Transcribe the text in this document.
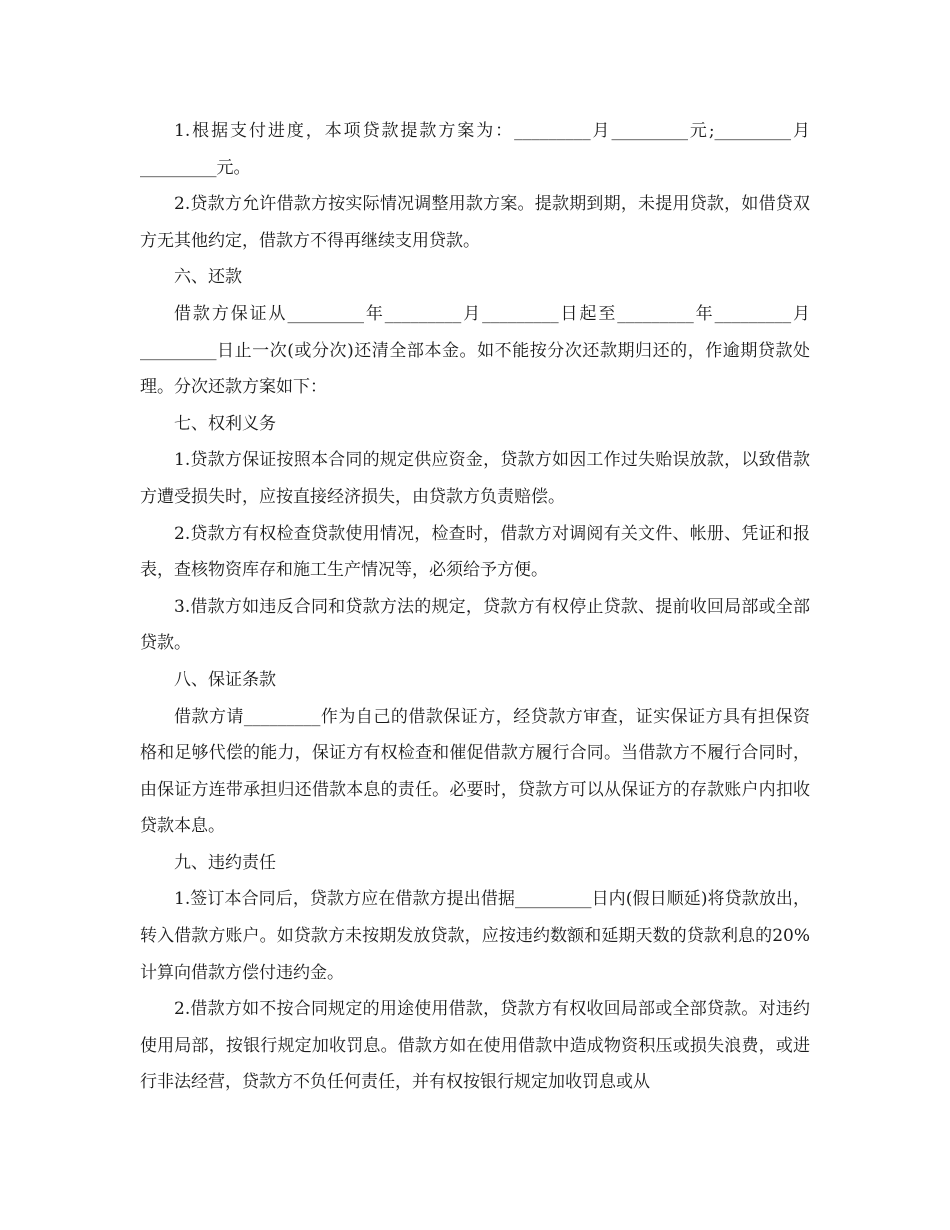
1.根据支付进度，本项贷款提款方案为：_________月_________元;_________月_________元。

2.贷款方允许借款方按实际情况调整用款方案。提款期到期，未提用贷款，如借贷双方无其他约定，借款方不得再继续支用贷款。

六、还款

借款方保证从_________年_________月_________日起至_________年_________月_________日止一次(或分次)还清全部本金。如不能按分次还款期归还的，作逾期贷款处理。分次还款方案如下：

七、权利义务

1.贷款方保证按照本合同的规定供应资金，贷款方如因工作过失贻误放款，以致借款方遭受损失时，应按直接经济损失，由贷款方负责赔偿。

2.贷款方有权检查贷款使用情况，检查时，借款方对调阅有关文件、帐册、凭证和报表，查核物资库存和施工生产情况等，必须给予方便。

3.借款方如违反合同和贷款方法的规定，贷款方有权停止贷款、提前收回局部或全部贷款。

八、保证条款

借款方请_________作为自己的借款保证方，经贷款方审查，证实保证方具有担保资格和足够代偿的能力，保证方有权检查和催促借款方履行合同。当借款方不履行合同时，由保证方连带承担归还借款本息的责任。必要时，贷款方可以从保证方的存款账户内扣收贷款本息。

九、违约责任

1.签订本合同后，贷款方应在借款方提出借据_________日内(假日顺延)将贷款放出，转入借款方账户。如贷款方未按期发放贷款，应按违约数额和延期天数的贷款利息的20%计算向借款方偿付违约金。

2.借款方如不按合同规定的用途使用借款，贷款方有权收回局部或全部贷款。对违约使用局部，按银行规定加收罚息。借款方如在使用借款中造成物资积压或损失浪费，或进行非法经营，贷款方不负任何责任，并有权按银行规定加收罚息或从
